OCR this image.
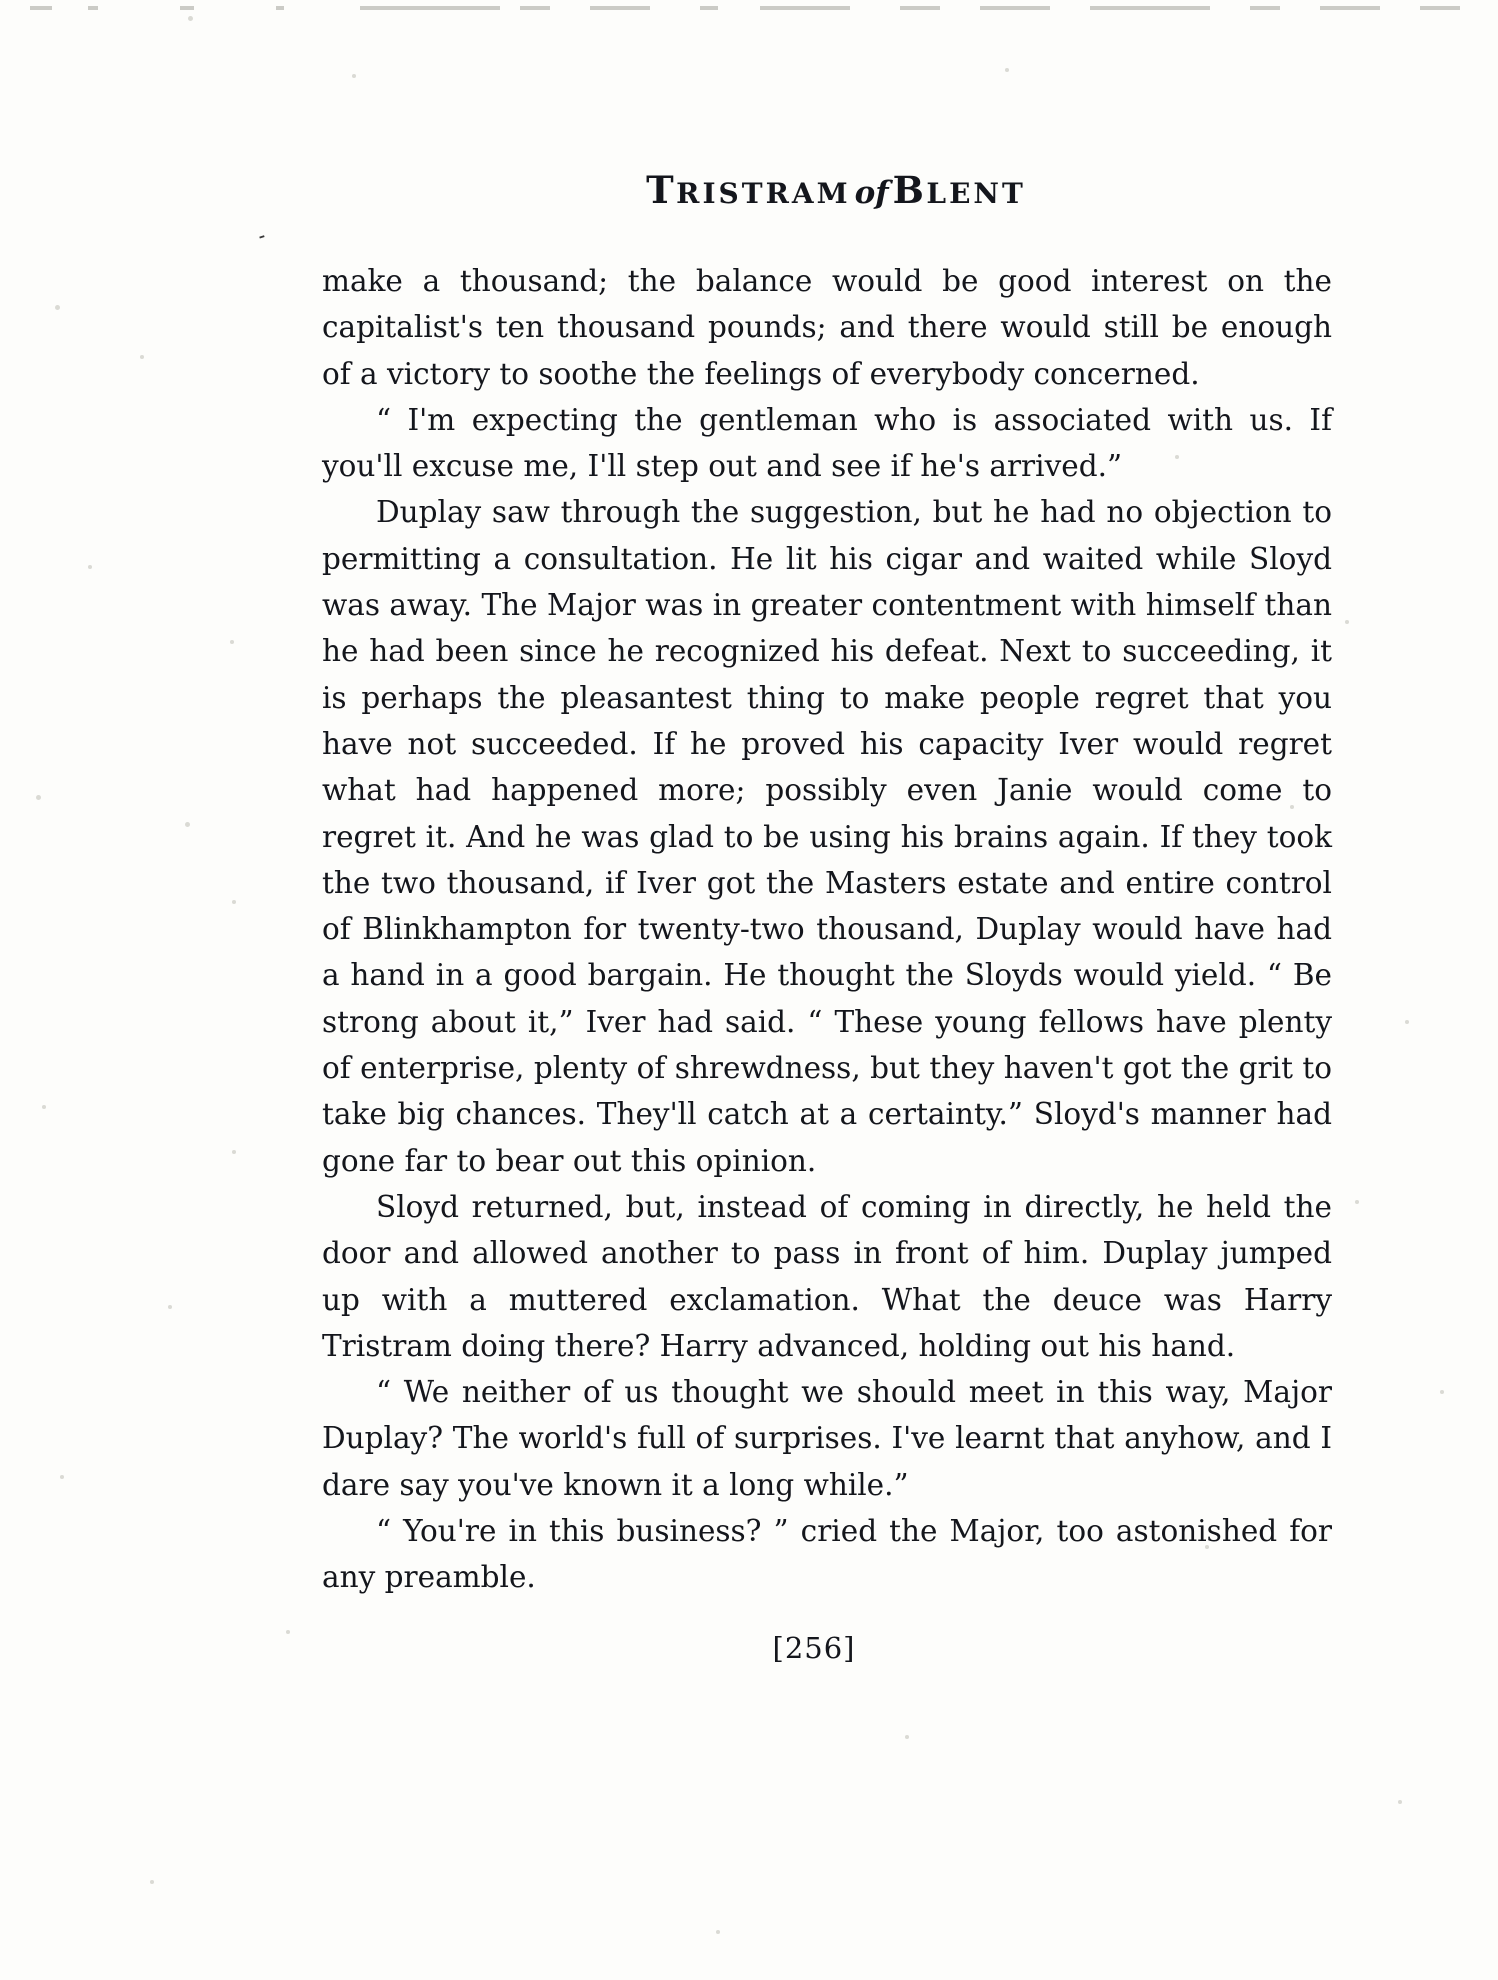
⁃
TRISTRAM of BLENT

make a thousand; the balance would be good interest on the capitalist's ten thousand pounds; and there would still be enough of a victory to soothe the feelings of everybody concerned.

“ I'm expecting the gentleman who is associated with us. If you'll excuse me, I'll step out and see if he's arrived.”

Duplay saw through the suggestion, but he had no objection to permitting a consultation. He lit his cigar and waited while Sloyd was away. The Major was in greater contentment with himself than he had been since he recognized his defeat. Next to succeeding, it is perhaps the pleasantest thing to make people regret that you have not succeeded. If he proved his capacity Iver would regret what had happened more; possibly even Janie would come to regret it. And he was glad to be using his brains again. If they took the two thousand, if Iver got the Masters estate and entire control of Blinkhampton for twenty-two thousand, Duplay would have had a hand in a good bargain. He thought the Sloyds would yield. “ Be strong about it,” Iver had said. “ These young fellows have plenty of enterprise, plenty of shrewdness, but they haven't got the grit to take big chances. They'll catch at a certainty.” Sloyd's manner had gone far to bear out this opinion.

Sloyd returned, but, instead of coming in directly, he held the door and allowed another to pass in front of him. Duplay jumped up with a muttered exclamation. What the deuce was Harry Tristram doing there? Harry advanced, holding out his hand.

“ We neither of us thought we should meet in this way, Major Duplay? The world's full of surprises. I've learnt that anyhow, and I dare say you've known it a long while.”

“ You're in this business? ” cried the Major, too astonished for any preamble.

[256]
